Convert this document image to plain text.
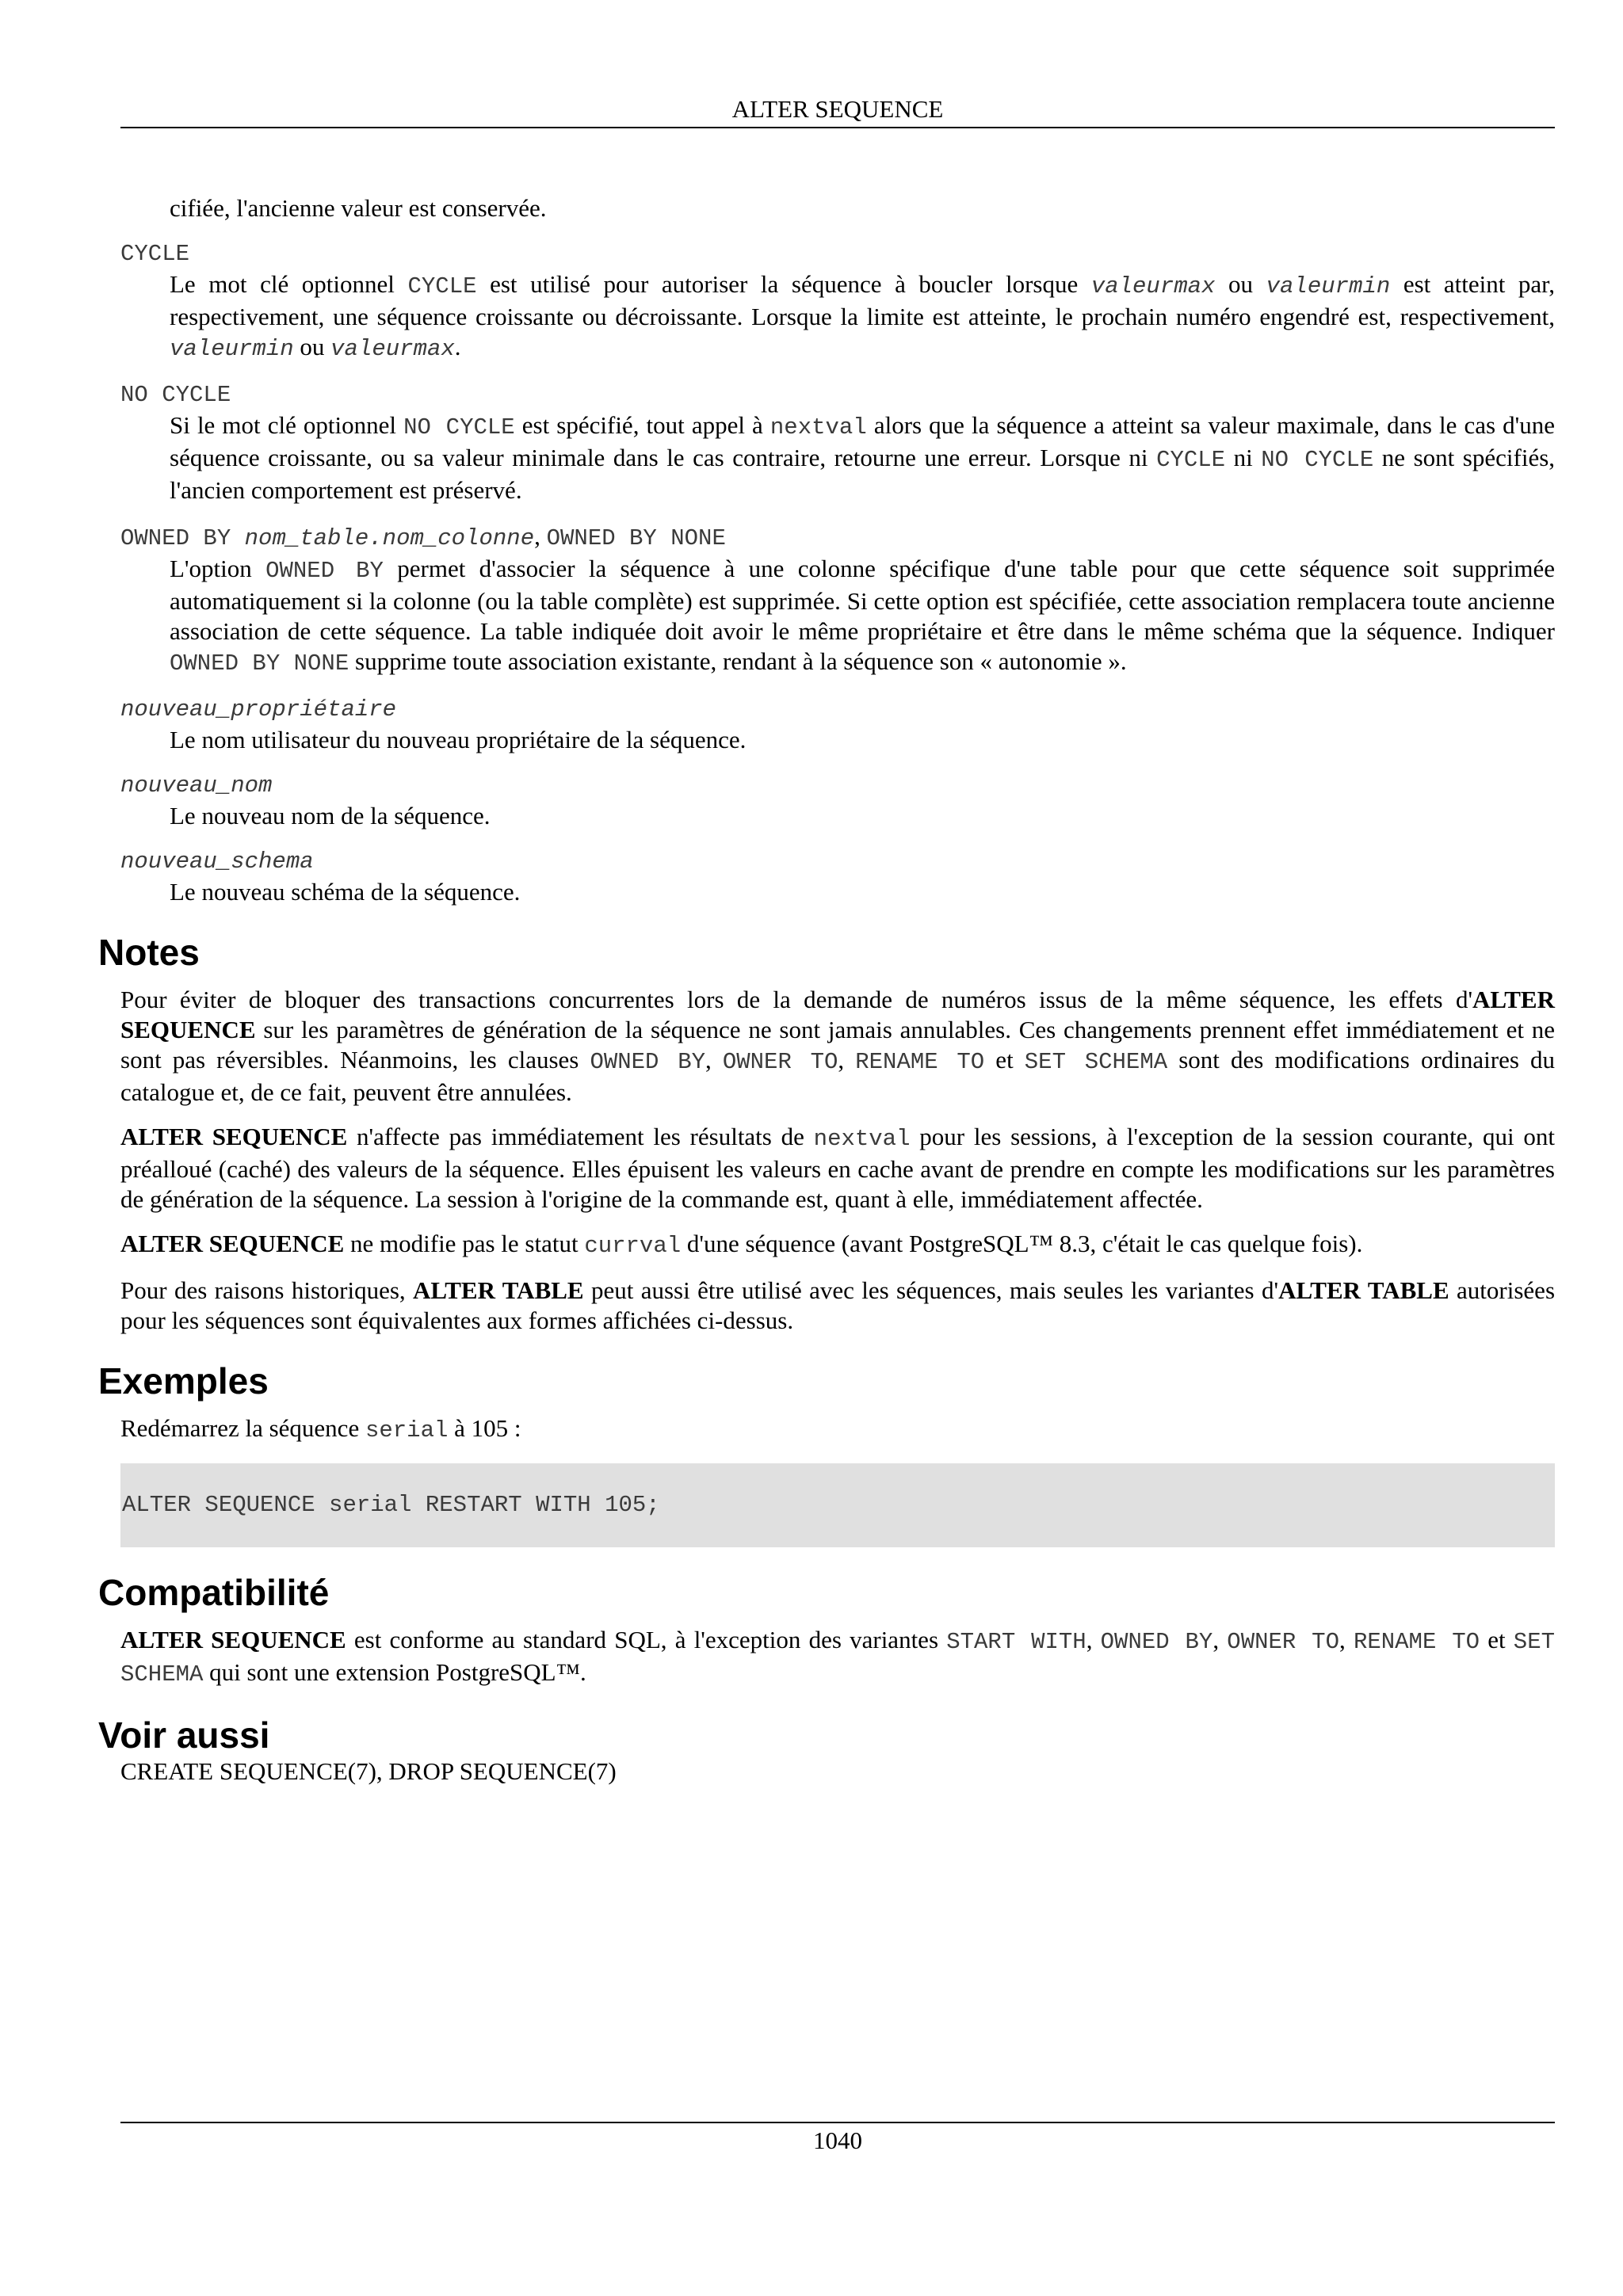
ALTER SEQUENCE
cifiée, l'ancienne valeur est conservée.
CYCLE
Le mot clé optionnel CYCLE est utilisé pour autoriser la séquence à boucler lorsque valeurmax ou valeurmin est atteint par, respectivement, une séquence croissante ou décroissante. Lorsque la limite est atteinte, le prochain numéro engendré est, respectivement, valeurmin ou valeurmax.
NO CYCLE
Si le mot clé optionnel NO CYCLE est spécifié, tout appel à nextval alors que la séquence a atteint sa valeur maximale, dans le cas d'une séquence croissante, ou sa valeur minimale dans le cas contraire, retourne une erreur. Lorsque ni CYCLE ni NO CYCLE ne sont spécifiés, l'ancien comportement est préservé.
OWNED BY nom_table.nom_colonne, OWNED BY NONE
L'option OWNED BY permet d'associer la séquence à une colonne spécifique d'une table pour que cette séquence soit supprimée automatiquement si la colonne (ou la table complète) est supprimée. Si cette option est spécifiée, cette association remplacera toute ancienne association de cette séquence. La table indiquée doit avoir le même propriétaire et être dans le même schéma que la séquence. Indiquer OWNED BY NONE supprime toute association existante, rendant à la séquence son « autonomie ».
nouveau_propriétaire
Le nom utilisateur du nouveau propriétaire de la séquence.
nouveau_nom
Le nouveau nom de la séquence.
nouveau_schema
Le nouveau schéma de la séquence.
Notes

Pour éviter de bloquer des transactions concurrentes lors de la demande de numéros issus de la même séquence, les effets d'ALTER SEQUENCE sur les paramètres de génération de la séquence ne sont jamais annulables. Ces changements prennent effet immédiatement et ne sont pas réversibles. Néanmoins, les clauses OWNED BY, OWNER TO, RENAME TO et SET SCHEMA sont des modifications ordinaires du catalogue et, de ce fait, peuvent être annulées.

ALTER SEQUENCE n'affecte pas immédiatement les résultats de nextval pour les sessions, à l'exception de la session courante, qui ont préalloué (caché) des valeurs de la séquence. Elles épuisent les valeurs en cache avant de prendre en compte les modifications sur les paramètres de génération de la séquence. La session à l'origine de la commande est, quant à elle, immédiatement affectée.

ALTER SEQUENCE ne modifie pas le statut currval d'une séquence (avant PostgreSQL™ 8.3, c'était le cas quelque fois).

Pour des raisons historiques, ALTER TABLE peut aussi être utilisé avec les séquences, mais seules les variantes d'ALTER TABLE autorisées pour les séquences sont équivalentes aux formes affichées ci-dessus.

Exemples

Redémarrez la séquence serial à 105 :

ALTER SEQUENCE serial RESTART WITH 105;
Compatibilité

ALTER SEQUENCE est conforme au standard SQL, à l'exception des variantes START WITH, OWNED BY, OWNER TO, RENAME TO et SET SCHEMA qui sont une extension PostgreSQL™.

Voir aussi
CREATE SEQUENCE(7), DROP SEQUENCE(7)
1040
